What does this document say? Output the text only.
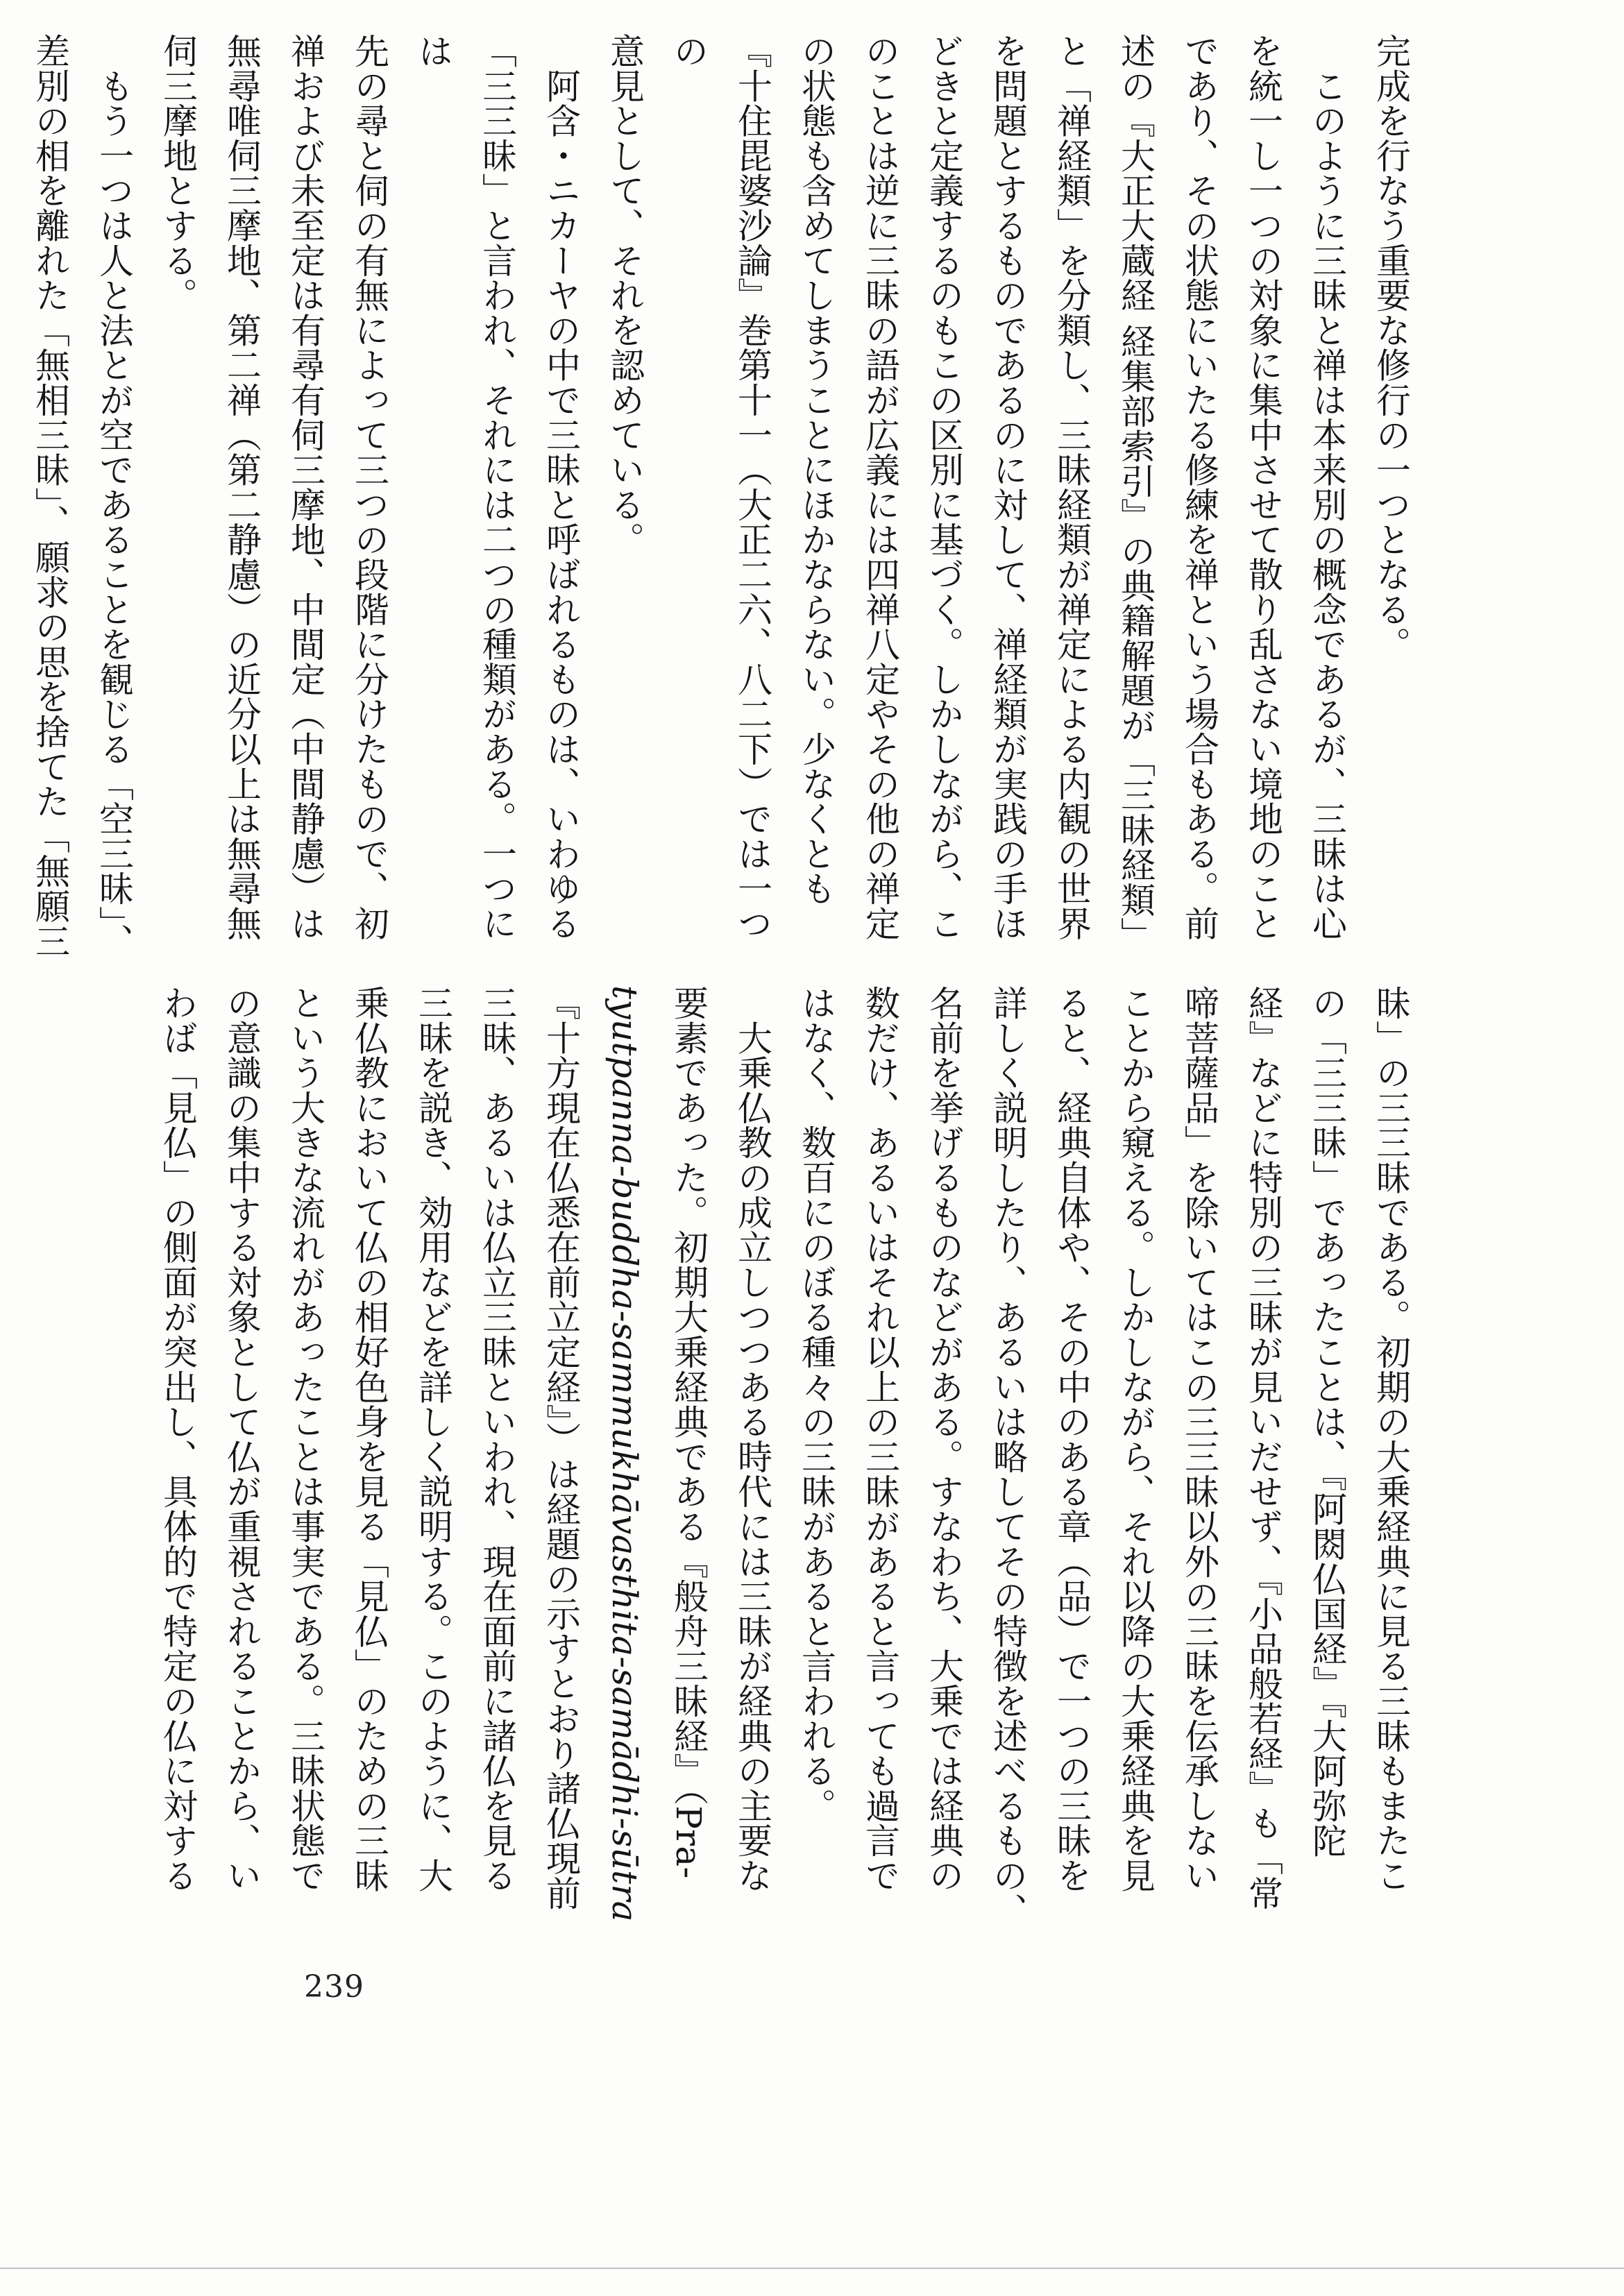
完成を行なう重要な修行の一つとなる。
　このように三昧と禅は本来別の概念であるが、三昧は心
を統一し一つの対象に集中させて散り乱さない境地のこと
であり、その状態にいたる修練を禅という場合もある。前
述の『大正大蔵経 経集部索引』の典籍解題が「三昧経類」
と「禅経類」を分類し、三昧経類が禅定による内観の世界
を問題とするものであるのに対して、禅経類が実践の手ほ
どきと定義するのもこの区別に基づく。しかしながら、こ
のことは逆に三昧の語が広義には四禅八定やその他の禅定
の状態も含めてしまうことにほかならない。少なくとも
『十住毘婆沙論』巻第十一（大正二六、八二下）では一つの
意見として、それを認めている。
　阿含・ニカーヤの中で三昧と呼ばれるものは、いわゆる
「三三昧」と言われ、それには二つの種類がある。一つには
先の尋と伺の有無によって三つの段階に分けたもので、初
禅および未至定は有尋有伺三摩地、中間定（中間静慮）は
無尋唯伺三摩地、第二禅（第二静慮）の近分以上は無尋無
伺三摩地とする。
　もう一つは人と法とが空であることを観じる「空三昧」、
差別の相を離れた「無相三昧」、願求の思を捨てた「無願三
昧」の三三昧である。初期の大乗経典に見る三昧もまたこ
の「三三昧」であったことは、『阿閦仏国経』『大阿弥陀
経』などに特別の三昧が見いだせず、『小品般若経』も「常
啼菩薩品」を除いてはこの三三昧以外の三昧を伝承しない
ことから窺える。しかしながら、それ以降の大乗経典を見
ると、経典自体や、その中のある章（品）で一つの三昧を
詳しく説明したり、あるいは略してその特徴を述べるもの、
名前を挙げるものなどがある。すなわち、大乗では経典の
数だけ、あるいはそれ以上の三昧があると言っても過言で
はなく、数百にのぼる種々の三昧があると言われる。
　大乗仏教の成立しつつある時代には三昧が経典の主要な
要素であった。初期大乗経典である『般舟三昧経』（Pra-
tyutpanna-buddha-sammukhāvasthita-samādhi-sūtra
『十方現在仏悉在前立定経』）は経題の示すとおり諸仏現前
三昧、あるいは仏立三昧といわれ、現在面前に諸仏を見る
三昧を説き、効用などを詳しく説明する。このように、大
乗仏教において仏の相好色身を見る「見仏」のための三昧
という大きな流れがあったことは事実である。三昧状態で
の意識の集中する対象として仏が重視されることから、い
わば「見仏」の側面が突出し、具体的で特定の仏に対する
239
